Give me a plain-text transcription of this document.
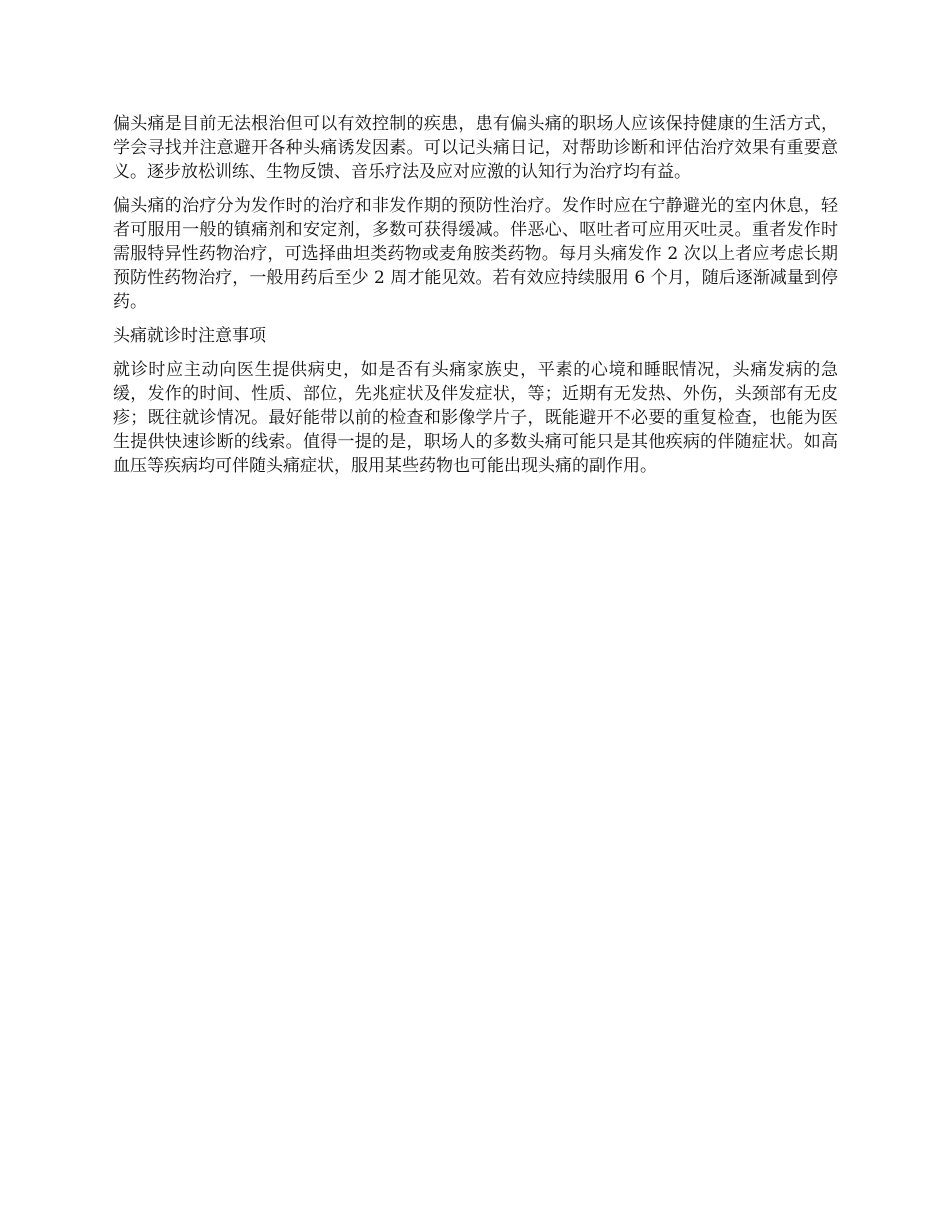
偏头痛是目前无法根治但可以有效控制的疾患，患有偏头痛的职场人应该保持健康的生活方式，学会寻找并注意避开各种头痛诱发因素。可以记头痛日记，对帮助诊断和评估治疗效果有重要意义。逐步放松训练、生物反馈、音乐疗法及应对应激的认知行为治疗均有益。

偏头痛的治疗分为发作时的治疗和非发作期的预防性治疗。发作时应在宁静避光的室内休息，轻者可服用一般的镇痛剂和安定剂，多数可获得缓减。伴恶心、呕吐者可应用灭吐灵。重者发作时需服特异性药物治疗，可选择曲坦类药物或麦角胺类药物。每月头痛发作 2 次以上者应考虑长期预防性药物治疗，一般用药后至少 2 周才能见效。若有效应持续服用 6 个月，随后逐渐减量到停药。

头痛就诊时注意事项

就诊时应主动向医生提供病史，如是否有头痛家族史，平素的心境和睡眠情况，头痛发病的急缓，发作的时间、性质、部位，先兆症状及伴发症状，等；近期有无发热、外伤，头颈部有无皮疹；既往就诊情况。最好能带以前的检查和影像学片子，既能避开不必要的重复检查，也能为医生提供快速诊断的线索。值得一提的是，职场人的多数头痛可能只是其他疾病的伴随症状。如高血压等疾病均可伴随头痛症状，服用某些药物也可能出现头痛的副作用。
